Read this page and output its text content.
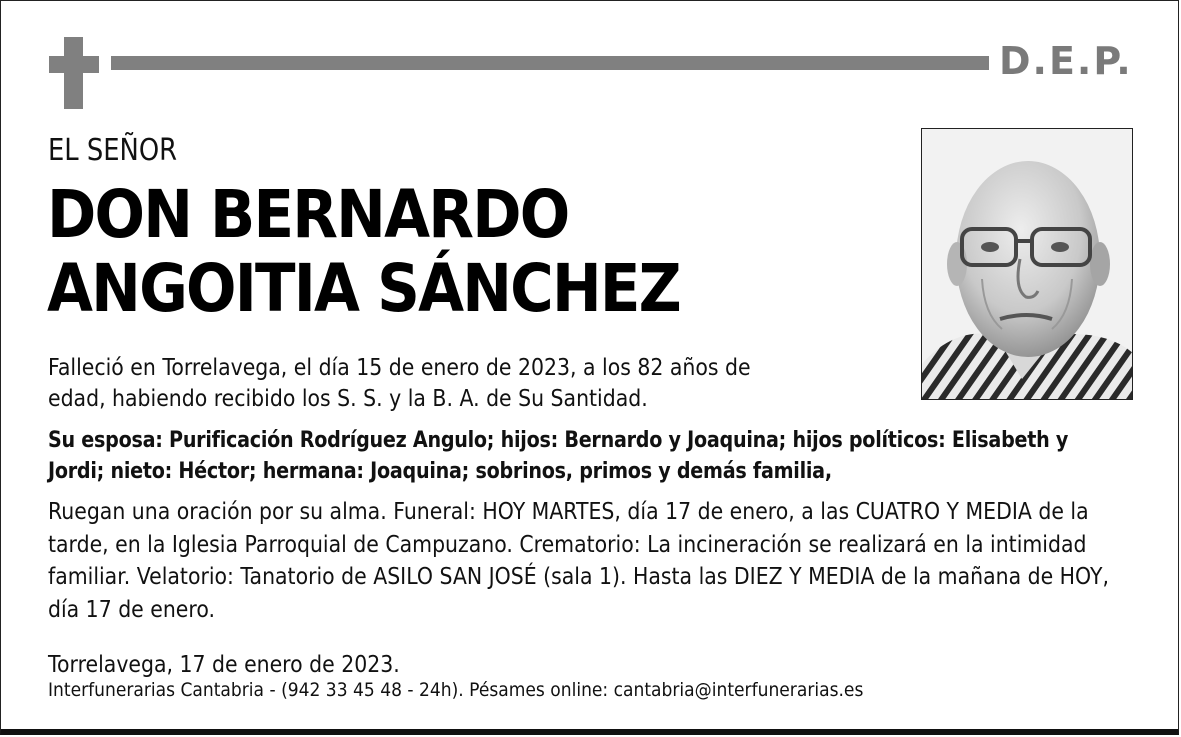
D.E.P.
EL SEÑOR
DON BERNARDO
ANGOITIA SÁNCHEZ

Falleció en Torrelavega, el día 15 de enero de 2023, a los 82 años de edad, habiendo recibido los S. S. y la B. A. de Su Santidad.

Su esposa: Purificación Rodríguez Angulo; hijos: Bernardo y Joaquina; hijos políticos: Elisabeth y Jordi; nieto: Héctor; hermana: Joaquina; sobrinos, primos y demás familia,

Ruegan una oración por su alma. Funeral: HOY MARTES, día 17 de enero, a las CUATRO Y MEDIA de la tarde, en la Iglesia Parroquial de Campuzano. Crematorio: La incineración se realizará en la intimidad familiar. Velatorio: Tanatorio de ASILO SAN JOSÉ (sala 1). Hasta las DIEZ Y MEDIA de la mañana de HOY, día 17 de enero.

Torrelavega, 17 de enero de 2023.

Interfunerarias Cantabria - (942 33 45 48 - 24h). Pésames online: cantabria@interfunerarias.es
